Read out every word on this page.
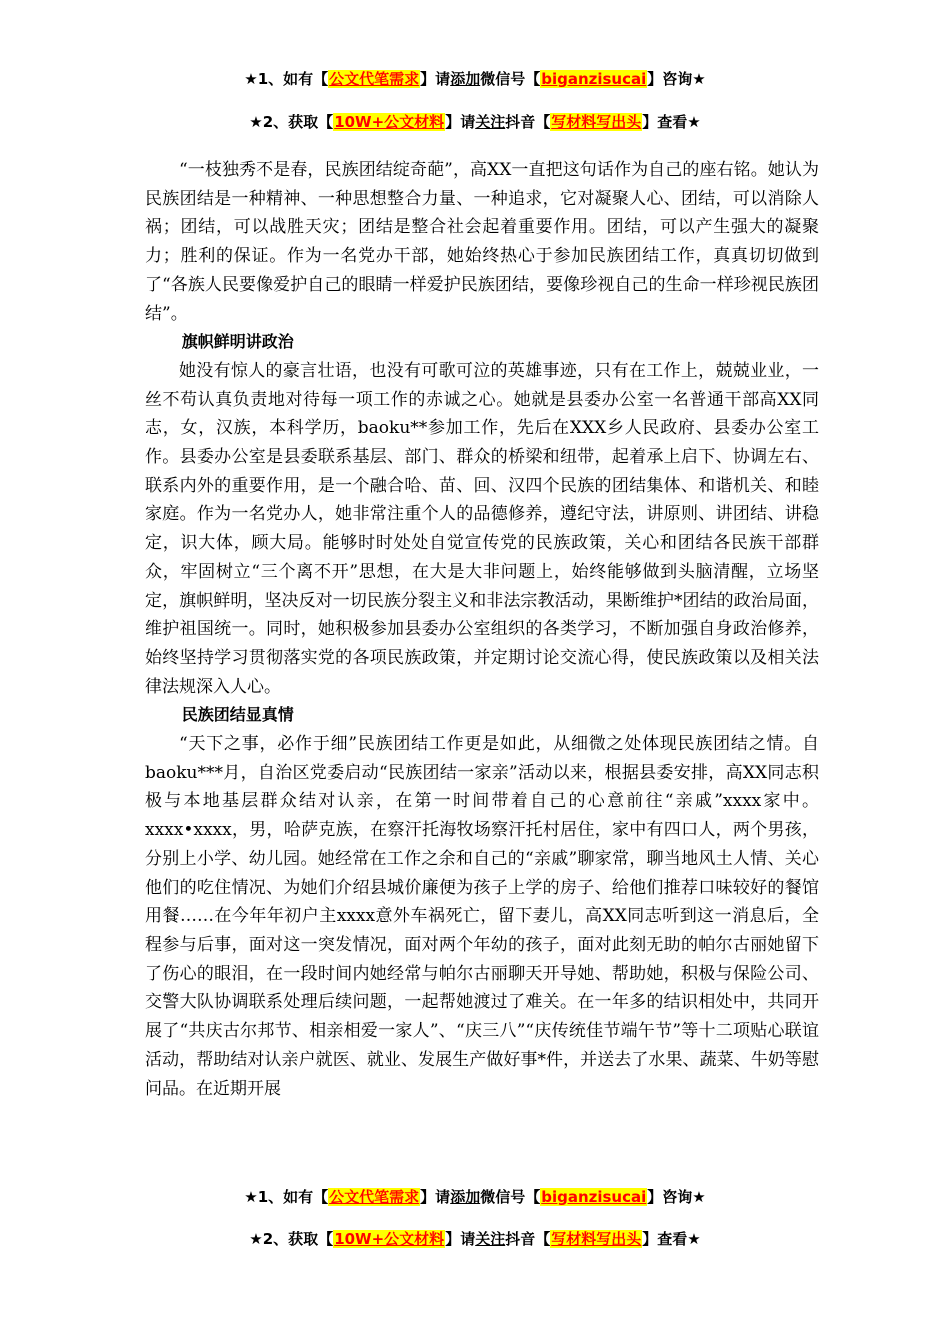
★1、如有【公文代笔需求】请添加微信号【biganzisucai】咨询★
★2、获取【10W+公文材料】请关注抖音【写材料写出头】查看★

“一枝独秀不是春，民族团结绽奇葩”，高XX一直把这句话作为自己的座右铭。她认为民族团结是一种精神、一种思想整合力量、一种追求，它对凝聚人心、团结，可以消除人祸；团结，可以战胜天灾；团结是整合社会起着重要作用。团结，可以产生强大的凝聚力；胜利的保证。作为一名党办干部，她始终热心于参加民族团结工作，真真切切做到了“各族人民要像爱护自己的眼睛一样爱护民族团结，要像珍视自己的生命一样珍视民族团结”。

旗帜鲜明讲政治

她没有惊人的豪言壮语，也没有可歌可泣的英雄事迹，只有在工作上，兢兢业业，一丝不苟认真负责地对待每一项工作的赤诚之心。她就是县委办公室一名普通干部高XX同志，女，汉族，本科学历，baoku**参加工作，先后在XXX乡人民政府、县委办公室工作。县委办公室是县委联系基层、部门、群众的桥梁和纽带，起着承上启下、协调左右、联系内外的重要作用，是一个融合哈、苗、回、汉四个民族的团结集体、和谐机关、和睦家庭。作为一名党办人，她非常注重个人的品德修养，遵纪守法，讲原则、讲团结、讲稳定，识大体，顾大局。能够时时处处自觉宣传党的民族政策，关心和团结各民族干部群众，牢固树立“三个离不开”思想，在大是大非问题上，始终能够做到头脑清醒，立场坚定，旗帜鲜明，坚决反对一切民族分裂主义和非法宗教活动，果断维护*团结的政治局面，维护祖国统一。同时，她积极参加县委办公室组织的各类学习，不断加强自身政治修养，始终坚持学习贯彻落实党的各项民族政策，并定期讨论交流心得，使民族政策以及相关法律法规深入人心。

民族团结显真情

“天下之事，必作于细”民族团结工作更是如此，从细微之处体现民族团结之情。自baoku***月，自治区党委启动“民族团结一家亲”活动以来，根据县委安排，高XX同志积极与本地基层群众结对认亲，在第一时间带着自己的心意前往“亲戚”xxxx家中。xxxx•xxxx，男，哈萨克族，在察汗托海牧场察汗托村居住，家中有四口人，两个男孩，分别上小学、幼儿园。她经常在工作之余和自己的“亲戚”聊家常，聊当地风土人情、关心他们的吃住情况、为她们介绍县城价廉便为孩子上学的房子、给他们推荐口味较好的餐馆用餐……在今年年初户主xxxx意外车祸死亡，留下妻儿，高XX同志听到这一消息后，全程参与后事，面对这一突发情况，面对两个年幼的孩子，面对此刻无助的帕尔古丽她留下了伤心的眼泪，在一段时间内她经常与帕尔古丽聊天开导她、帮助她，积极与保险公司、交警大队协调联系处理后续问题，一起帮她渡过了难关。在一年多的结识相处中，共同开展了“共庆古尔邦节、相亲相爱一家人”、“庆三八”“庆传统佳节端午节”等十二项贴心联谊活动，帮助结对认亲户就医、就业、发展生产做好事*件，并送去了水果、蔬菜、牛奶等慰问品。在近期开展

★1、如有【公文代笔需求】请添加微信号【biganzisucai】咨询★
★2、获取【10W+公文材料】请关注抖音【写材料写出头】查看★
